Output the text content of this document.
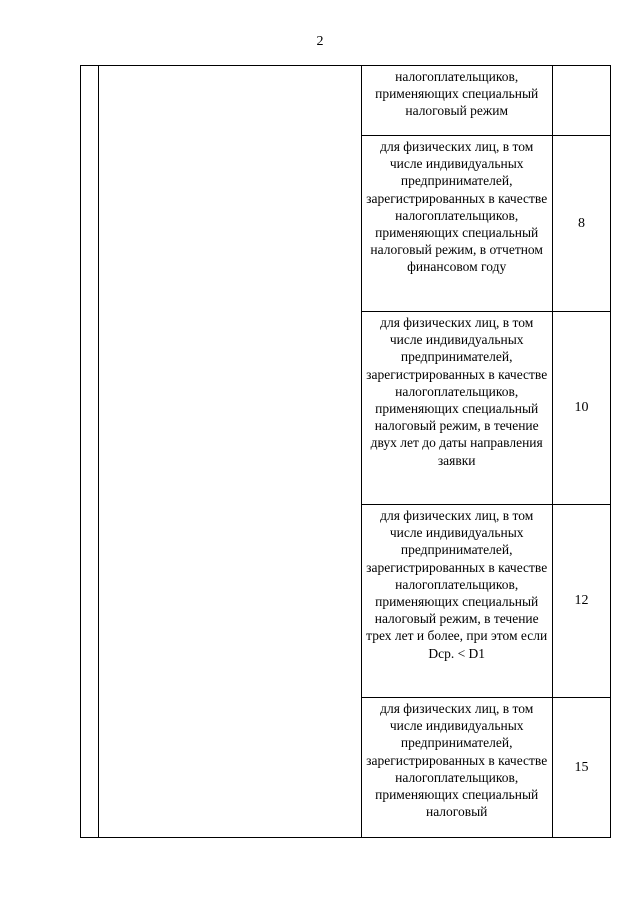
2

		налогоплательщиков, применяющих специальный налоговый режим	

		для физических лиц, в том числе индивидуальных предпринимателей, зарегистрированных в качестве налогоплательщиков, применяющих специальный налоговый режим, в отчетном финансовом году	8

		для физических лиц, в том числе индивидуальных предпринимателей, зарегистрированных в качестве налогоплательщиков, применяющих специальный налоговый режим, в течение двух лет до даты направления заявки	10

		для физических лиц, в том числе индивидуальных предпринимателей, зарегистрированных в качестве налогоплательщиков, применяющих специальный налоговый режим, в течение трех лет и более, при этом если Dср. < D1	12

		для физических лиц, в том числе индивидуальных предпринимателей, зарегистрированных в качестве налогоплательщиков, применяющих специальный налоговый	15
